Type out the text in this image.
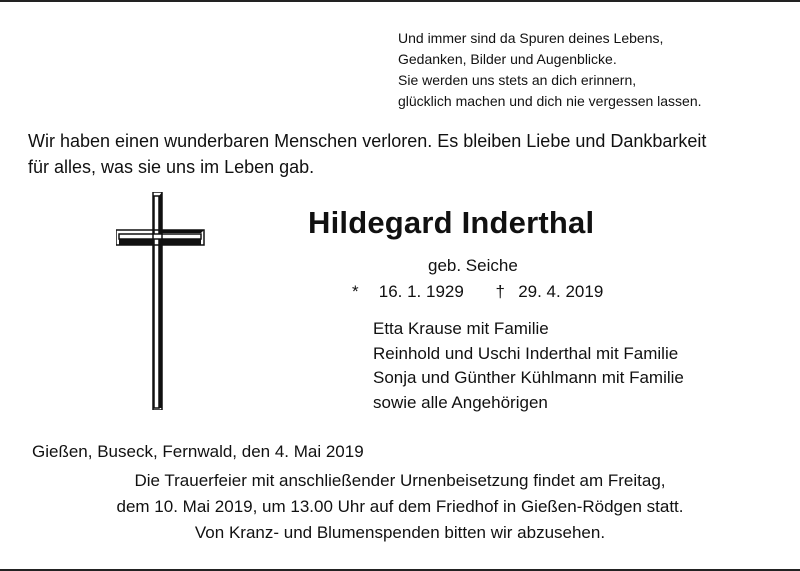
Und immer sind da Spuren deines Lebens,
Gedanken, Bilder und Augenblicke.
Sie werden uns stets an dich erinnern,
glücklich machen und dich nie vergessen lassen.
Wir haben einen wunderbaren Menschen verloren. Es bleiben Liebe und Dankbarkeit
für alles, was sie uns im Leben gab.
Hildegard Inderthal
geb. Seiche
* 16. 1. 1929 † 29. 4. 2019
Etta Krause mit Familie
Reinhold und Uschi Inderthal mit Familie
Sonja und Günther Kühlmann mit Familie
sowie alle Angehörigen
Gießen, Buseck, Fernwald, den 4. Mai 2019
Die Trauerfeier mit anschließender Urnenbeisetzung findet am Freitag,
dem 10. Mai 2019, um 13.00 Uhr auf dem Friedhof in Gießen-Rödgen statt.
Von Kranz- und Blumenspenden bitten wir abzusehen.
